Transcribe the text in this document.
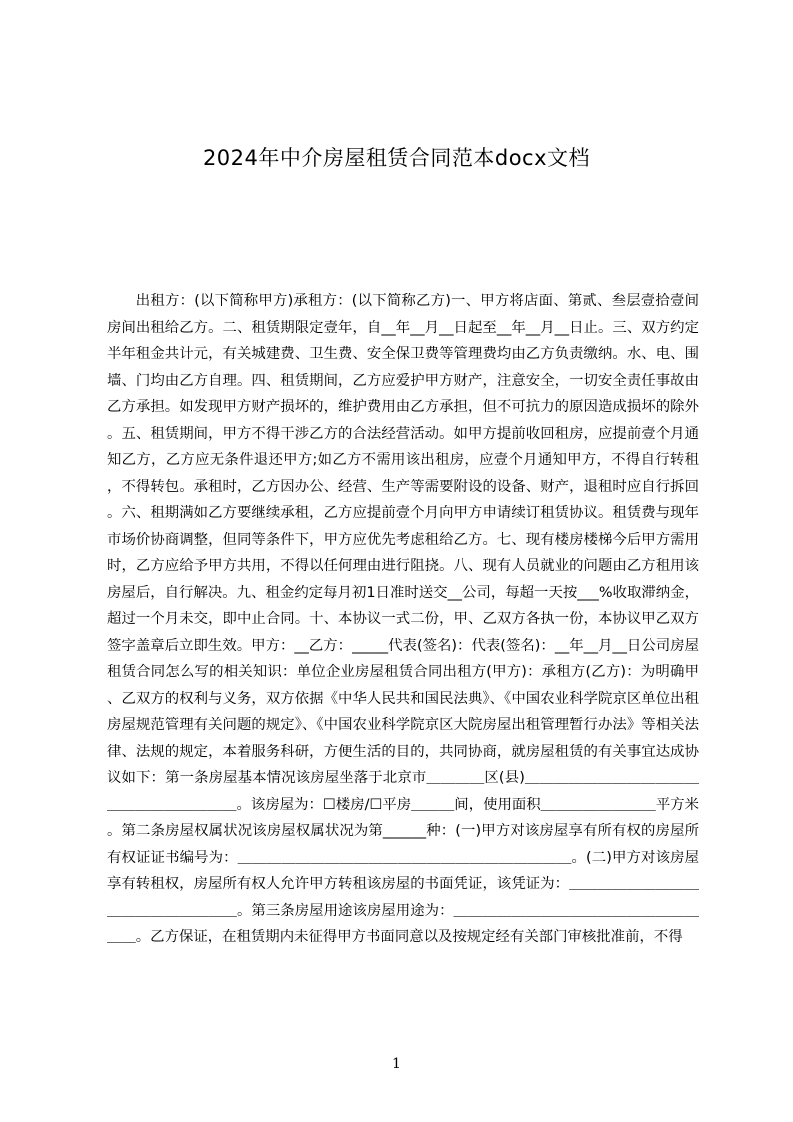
2024年中介房屋租赁合同范本docx文档

出租方：(以下简称甲方)承租方：(以下简称乙方)一、甲方将店面、第贰、叁层壹拾壹间房间出租给乙方。二、租赁期限定壹年，自__年__月__日起至__年__月__日止。三、双方约定半年租金共计元，有关城建费、卫生费、安全保卫费等管理费均由乙方负责缴纳。水、电、围墙、门均由乙方自理。四、租赁期间，乙方应爱护甲方财产，注意安全，一切安全责任事故由乙方承担。如发现甲方财产损坏的，维护费用由乙方承担，但不可抗力的原因造成损坏的除外。五、租赁期间，甲方不得干涉乙方的合法经营活动。如甲方提前收回租房，应提前壹个月通知乙方，乙方应无条件退还甲方;如乙方不需用该出租房，应壹个月通知甲方，不得自行转租，不得转包。承租时，乙方因办公、经营、生产等需要附设的设备、财产，退租时应自行拆回。六、租期满如乙方要继续承租，乙方应提前壹个月向甲方申请续订租赁协议。租赁费与现年市场价协商调整，但同等条件下，甲方应优先考虑租给乙方。七、现有楼房楼梯今后甲方需用时，乙方应给予甲方共用，不得以任何理由进行阻挠。八、现有人员就业的问题由乙方租用该房屋后，自行解决。九、租金约定每月初1日准时送交__公司，每超一天按___%收取滞纳金，超过一个月未交，即中止合同。十、本协议一式二份，甲、乙双方各执一份，本协议甲乙双方签字盖章后立即生效。甲方：__乙方：_____代表(签名)：代表(签名)：__年__月__日公司房屋租赁合同怎么写的相关知识：单位企业房屋租赁合同出租方(甲方)：承租方(乙方)：为明确甲、乙双方的权利与义务，双方依据《中华人民共和国民法典》、《中国农业科学院京区单位出租房屋规范管理有关问题的规定》、《中国农业科学院京区大院房屋出租管理暂行办法》等相关法律、法规的规定，本着服务科研，方便生活的目的，共同协商，就房屋租赁的有关事宜达成协议如下：第一条房屋基本情况该房屋坐落于北京市＿＿＿＿区(县)＿＿＿＿＿＿＿＿＿＿＿＿＿＿＿＿＿＿＿＿＿。该房屋为：☐楼房/☐平房＿＿＿间，使用面积＿＿＿＿＿＿＿＿平方米。第二条房屋权属状况该房屋权属状况为第______种：(一)甲方对该房屋享有所有权的房屋所有权证证书编号为：＿＿＿＿＿＿＿＿＿＿＿＿＿＿＿＿＿＿＿＿＿＿＿。(二)甲方对该房屋享有转租权，房屋所有权人允许甲方转租该房屋的书面凭证，该凭证为：＿＿＿＿＿＿＿＿＿＿＿＿＿＿＿＿＿＿。第三条房屋用途该房屋用途为：＿＿＿＿＿＿＿＿＿＿＿＿＿＿＿＿＿＿＿。乙方保证，在租赁期内未征得甲方书面同意以及按规定经有关部门审核批准前，不得

1
